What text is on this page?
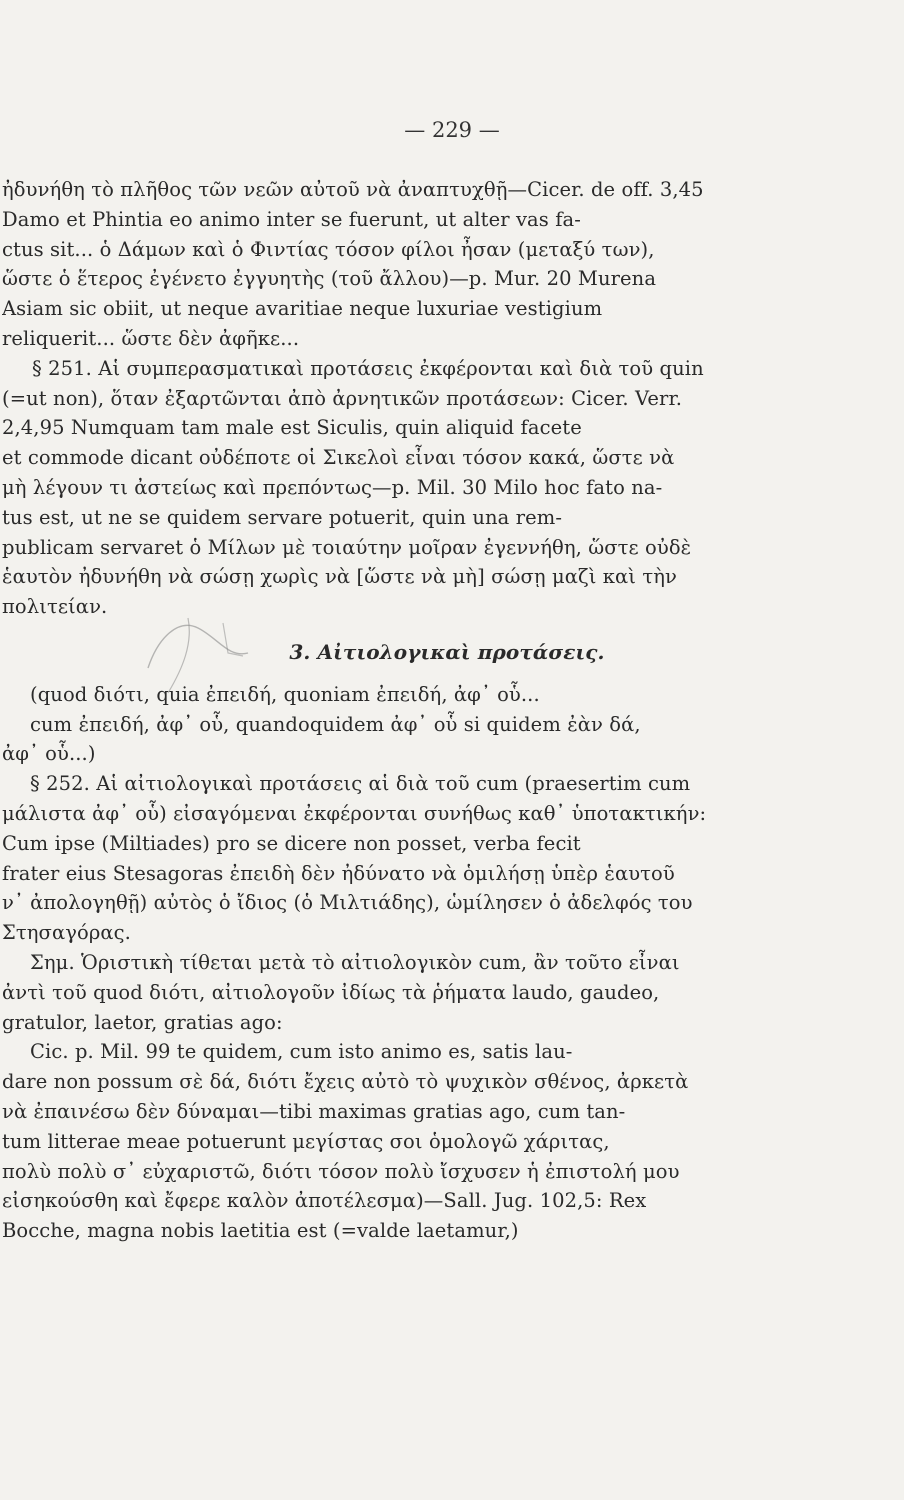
— 229 —
ἠδυνήθη τὸ πλῆθος τῶν νεῶν αὐτοῦ νὰ ἀναπτυχθῇ—Cicer. de off. 3,45
Damo et Phintia eo animo inter se fuerunt, ut alter vas fa-
ctus sit... ὁ Δάμων καὶ ὁ Φιντίας τόσον φίλοι ἦσαν (μεταξύ των),
ὥστε ὁ ἕτερος ἐγένετο ἐγγυητὴς (τοῦ ἄλλου)—p. Mur. 20 Murena
Asiam sic obiit, ut neque avaritiae neque luxuriae vestigium
reliquerit... ὥστε δὲν ἀφῆκε...
§ 251. Αἱ συμπερασματικαὶ προτάσεις ἐκφέρονται καὶ διὰ τοῦ quin
(=ut non), ὅταν ἐξαρτῶνται ἀπὸ ἀρνητικῶν προτάσεων: Cicer. Verr.
2,4,95 Numquam tam male est Siculis, quin aliquid facete
et commode dicant οὐδέποτε οἱ Σικελοὶ εἶναι τόσον κακά, ὥστε νὰ
μὴ λέγουν τι ἀστείως καὶ πρεπόντως—p. Mil. 30 Milo hoc fato na-
tus est, ut ne se quidem servare potuerit, quin una rem-
publicam servaret ὁ Μίλων μὲ τοιαύτην μοῖραν ἐγεννήθη, ὥστε οὐδὲ
ἑαυτὸν ἠδυνήθη νὰ σώσῃ χωρὶς νὰ [ὥστε νὰ μὴ] σώσῃ μαζὶ καὶ τὴν
πολιτείαν.
3. Αἰτιολογικαὶ προτάσεις.
(quod διότι, quia ἐπειδή, quoniam ἐπειδή, ἀφ᾽ οὗ...
cum ἐπειδή, ἀφ᾽ οὗ, quandoquidem ἀφ᾽ οὗ si quidem ἐὰν δά,
ἀφ᾽ οὗ...)
§ 252. Αἱ αἰτιολογικαὶ προτάσεις αἱ διὰ τοῦ cum (praesertim cum
μάλιστα ἀφ᾽ οὗ) εἰσαγόμεναι ἐκφέρονται συνήθως καθ᾽ ὑποτακτικήν:
Cum ipse (Miltiades) pro se dicere non posset, verba fecit
frater eius Stesagoras ἐπειδὴ δὲν ἠδύνατο νὰ ὁμιλήσῃ ὑπὲρ ἑαυτοῦ
ν᾽ ἀπολογηθῇ) αὐτὸς ὁ ἴδιος (ὁ Μιλτιάδης), ὡμίλησεν ὁ ἀδελφός του
Στησαγόρας.
Σημ. Ὁριστικὴ τίθεται μετὰ τὸ αἰτιολογικὸν cum, ἂν τοῦτο εἶναι
ἀντὶ τοῦ quod διότι, αἰτιολογοῦν ἰδίως τὰ ῥήματα laudo, gaudeo,
gratulor, laetor, gratias ago:
Cic. p. Mil. 99 te quidem, cum isto animo es, satis lau-
dare non possum σὲ δά, διότι ἔχεις αὐτὸ τὸ ψυχικὸν σθένος, ἀρκετὰ
νὰ ἐπαινέσω δὲν δύναμαι—tibi maximas gratias ago, cum tan-
tum litterae meae potuerunt μεγίστας σοι ὁμολογῶ χάριτας,
πολὺ πολὺ σ᾽ εὐχαριστῶ, διότι τόσον πολὺ ἴσχυσεν ἡ ἐπιστολή μου
εἰσηκούσθη καὶ ἔφερε καλὸν ἀποτέλεσμα)—Sall. Jug. 102,5: Rex
Bocche, magna nobis laetitia est (=valde laetamur,)
